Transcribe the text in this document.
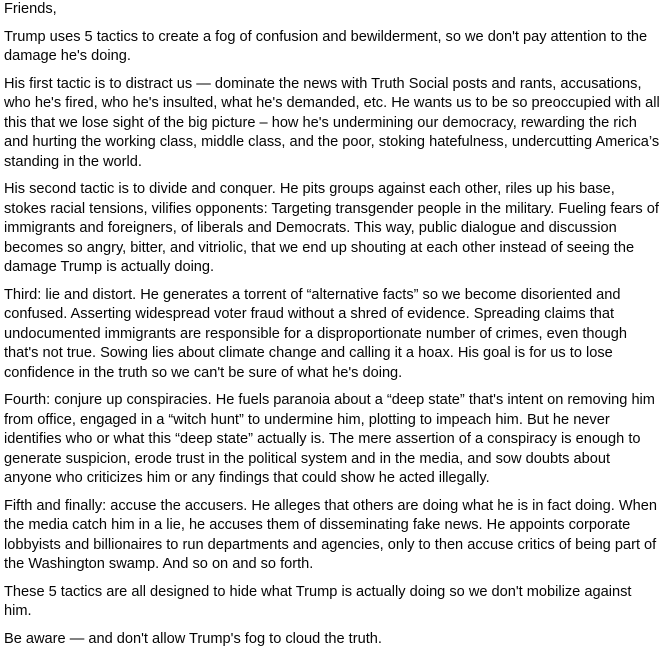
Friends,

Trump uses 5 tactics to create a fog of confusion and bewilderment, so we don't pay attention to the damage he's doing.

His first tactic is to distract us — dominate the news with Truth Social posts and rants, accusations, who he's fired, who he's insulted, what he's demanded, etc. He wants us to be so preoccupied with all this that we lose sight of the big picture – how he's undermining our democracy, rewarding the rich and hurting the working class, middle class, and the poor, stoking hatefulness, undercutting America’s standing in the world.

His second tactic is to divide and conquer. He pits groups against each other, riles up his base, stokes racial tensions, vilifies opponents: Targeting transgender people in the military. Fueling fears of immigrants and foreigners, of liberals and Democrats. This way, public dialogue and discussion becomes so angry, bitter, and vitriolic, that we end up shouting at each other instead of seeing the damage Trump is actually doing.

Third: lie and distort. He generates a torrent of “alternative facts” so we become disoriented and confused. Asserting widespread voter fraud without a shred of evidence. Spreading claims that undocumented immigrants are responsible for a disproportionate number of crimes, even though that's not true. Sowing lies about climate change and calling it a hoax. His goal is for us to lose confidence in the truth so we can't be sure of what he's doing.

Fourth: conjure up conspiracies. He fuels paranoia about a “deep state” that's intent on removing him from office, engaged in a “witch hunt” to undermine him, plotting to impeach him. But he never identifies who or what this “deep state” actually is. The mere assertion of a conspiracy is enough to generate suspicion, erode trust in the political system and in the media, and sow doubts about anyone who criticizes him or any findings that could show he acted illegally.

Fifth and finally: accuse the accusers. He alleges that others are doing what he is in fact doing. When the media catch him in a lie, he accuses them of disseminating fake news. He appoints corporate lobbyists and billionaires to run departments and agencies, only to then accuse critics of being part of the Washington swamp. And so on and so forth.

These 5 tactics are all designed to hide what Trump is actually doing so we don't mobilize against him.

Be aware — and don't allow Trump's fog to cloud the truth.
